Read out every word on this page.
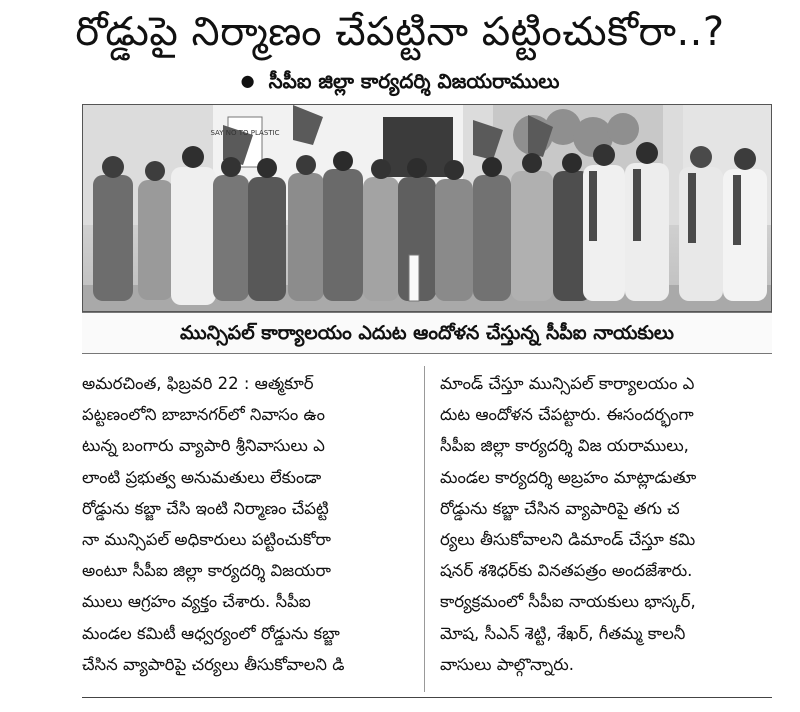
రోడ్డుపై నిర్మాణం చేపట్టినా పట్టించుకోరా..?
● సీపీఐ జిల్లా కార్యదర్శి విజయరాములు
SAY NO TO PLASTIC
మున్సిపల్ కార్యాలయం ఎదుట ఆందోళన చేస్తున్న సీపీఐ నాయకులు
అమరచింత, ఫిబ్రవరి 22 : ఆత్మకూర్
పట్టణంలోని బాబానగర్‌లో నివాసం ఉం
టున్న బంగారు వ్యాపారి శ్రీనివాసులు ఎ
లాంటి ప్రభుత్వ అనుమతులు లేకుండా
రోడ్డును కబ్జా చేసి ఇంటి నిర్మాణం చేపట్టి
నా మున్సిపల్ అధికారులు పట్టించుకోరా
అంటూ సీపీఐ జిల్లా కార్యదర్శి విజయరా
ములు ఆగ్రహం వ్యక్తం చేశారు. సీపీఐ
మండల కమిటీ ఆధ్వర్యంలో రోడ్డును కబ్జా
చేసిన వ్యాపారిపై చర్యలు తీసుకోవాలని డి
మాండ్ చేస్తూ మున్సిపల్ కార్యాలయం ఎ
దుట ఆందోళన చేపట్టారు. ఈసందర్భంగా
సీపీఐ జిల్లా కార్యదర్శి విజ యరాములు,
మండల కార్యదర్శి అబ్రహం మాట్లాడుతూ
రోడ్డును కబ్జా చేసిన వ్యాపారిపై తగు చ
ర్యలు తీసుకోవాలని డిమాండ్ చేస్తూ కమి
షనర్ శశిధర్‌కు వినతపత్రం అందజేశారు.
కార్యక్రమంలో సీపీఐ నాయకులు భాస్కర్,
మోష, సీఎన్ శెట్టి, శేఖర్, గీతమ్మ కాలనీ
వాసులు పాల్గొన్నారు.
